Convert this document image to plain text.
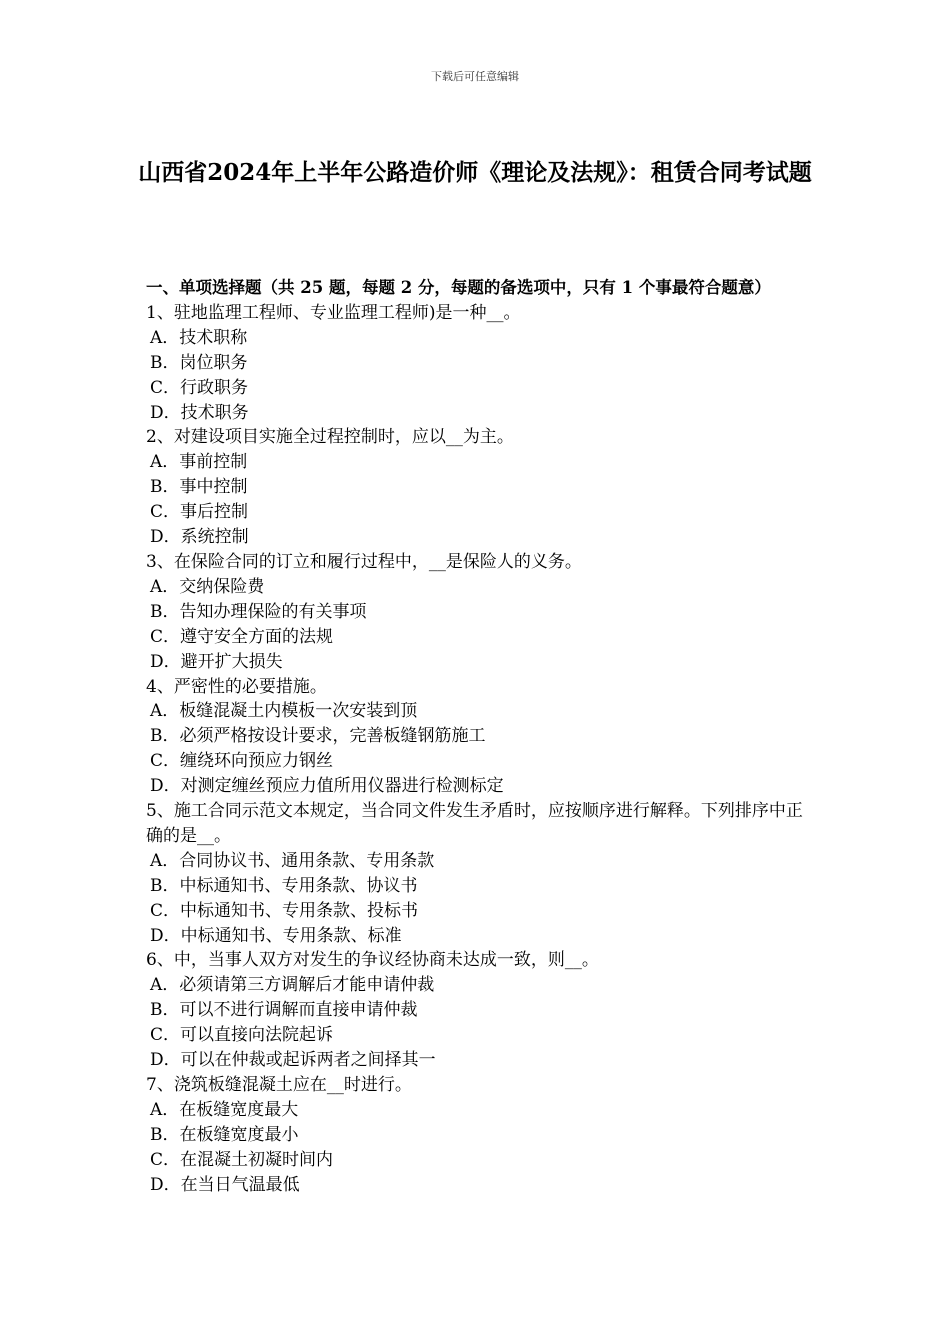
下载后可任意编辑
山西省2024年上半年公路造价师《理论及法规》：租赁合同考试题
一、单项选择题（共 25 题，每题 2 分，每题的备选项中，只有 1 个事最符合题意）
1、驻地监理工程师、专业监理工程师)是一种__。
A．技术职称
B．岗位职务
C．行政职务
D．技术职务
2、对建设项目实施全过程控制时，应以__为主。
A．事前控制
B．事中控制
C．事后控制
D．系统控制
3、在保险合同的订立和履行过程中，__是保险人的义务。
A．交纳保险费
B．告知办理保险的有关事项
C．遵守安全方面的法规
D．避开扩大损失
4、严密性的必要措施。
A．板缝混凝土内模板一次安装到顶
B．必须严格按设计要求，完善板缝钢筋施工
C．缠绕环向预应力钢丝
D．对测定缠丝预应力值所用仪器进行检测标定
5、施工合同示范文本规定，当合同文件发生矛盾时，应按顺序进行解释。下列排序中正确的是__。
A．合同协议书、通用条款、专用条款
B．中标通知书、专用条款、协议书
C．中标通知书、专用条款、投标书
D．中标通知书、专用条款、标准
6、中，当事人双方对发生的争议经协商未达成一致，则__。
A．必须请第三方调解后才能申请仲裁
B．可以不进行调解而直接申请仲裁
C．可以直接向法院起诉
D．可以在仲裁或起诉两者之间择其一
7、浇筑板缝混凝土应在__时进行。
A．在板缝宽度最大
B．在板缝宽度最小
C．在混凝土初凝时间内
D．在当日气温最低
